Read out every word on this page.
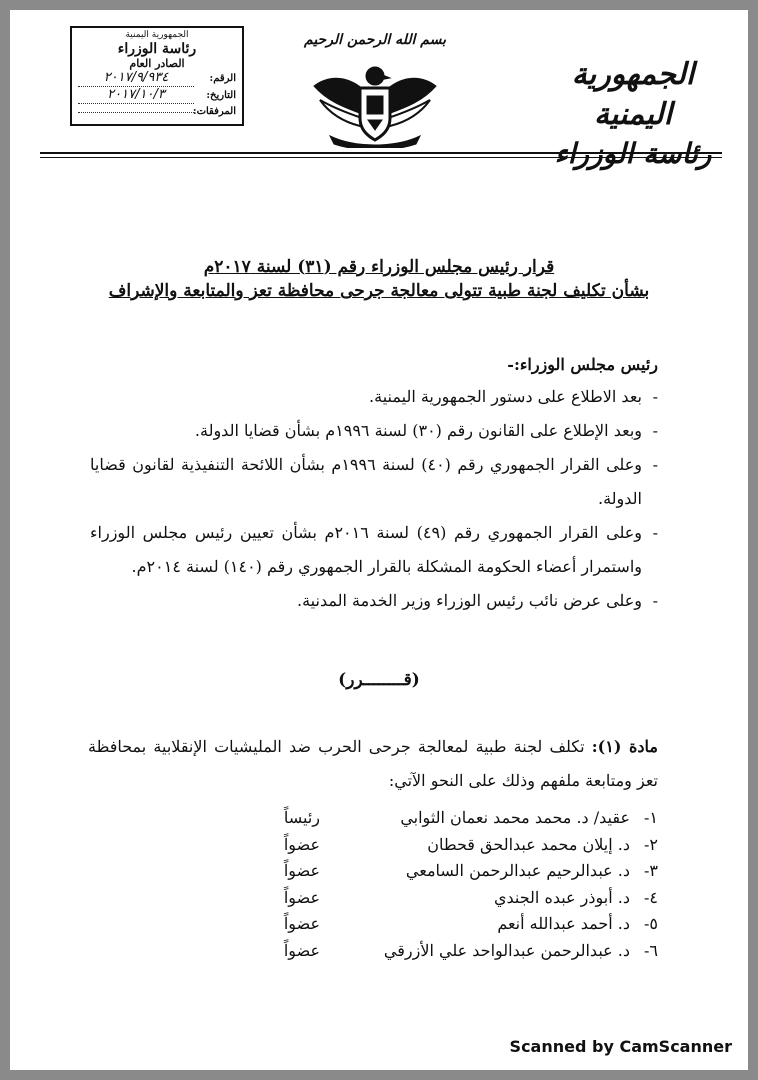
الجمهورية اليمنية
رئاسة الوزراء
بسم الله الرحمن الرحيم
الجمهورية اليمنية
رئاسة الوزراء
الصادر العام
الرقم:
٢٠١٧/٩/٩٣٤
التاريخ:
٢٠١٧/١٠/٣
المرفقات:
قرار رئيس مجلس الوزراء رقم (٣١) لسنة ٢٠١٧م
بشأن تكليف لجنة طبية تتولى معالجة جرحى محافظة تعز والمتابعة والإشراف
رئيس مجلس الوزراء:-
-
بعد الاطلاع على دستور الجمهورية اليمنية.
-
وبعد الإطلاع على القانون رقم (٣٠) لسنة ١٩٩٦م بشأن قضايا الدولة.
-
وعلى القرار الجمهوري رقم (٤٠) لسنة ١٩٩٦م بشأن اللائحة التنفيذية لقانون قضايا الدولة.
-
وعلى القرار الجمهوري رقم (٤٩) لسنة ٢٠١٦م بشأن تعيين رئيس مجلس الوزراء واستمرار أعضاء الحكومة المشكلة بالقرار الجمهوري رقم (١٤٠) لسنة ٢٠١٤م.
-
وعلى عرض نائب رئيس الوزراء وزير الخدمة المدنية.
(قــــــــرر)
مادة (١): تكلف لجنة طبية لمعالجة جرحى الحرب ضد المليشيات الإنقلابية بمحافظة تعز ومتابعة ملفهم وذلك على النحو الآتي:
١-
عقيد/ د. محمد محمد نعمان الثوابي
رئيساً
٢-
د. إيلان محمد عبدالحق قحطان
عضواً
٣-
د. عبدالرحيم عبدالرحمن السامعي
عضواً
٤-
د. أبوذر عبده الجندي
عضواً
٥-
د. أحمد عبدالله أنعم
عضواً
٦-
د. عبدالرحمن عبدالواحد علي الأزرقي
عضواً
Scanned by CamScanner
